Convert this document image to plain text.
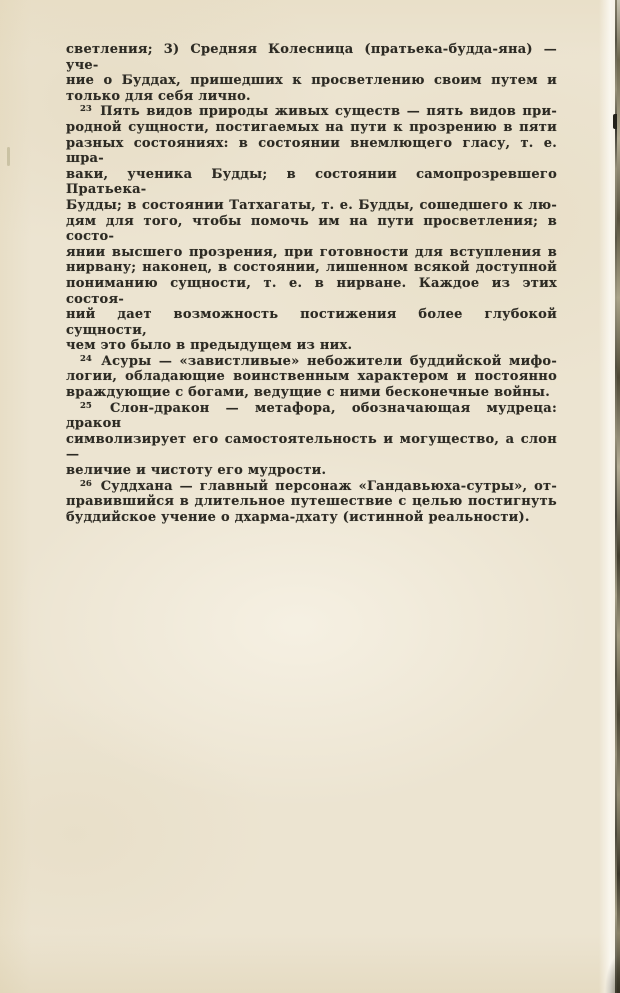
светления; 3) Средняя Колесница (пратьека-будда-яна) — уче-
ние о Буддах, пришедших к просветлению своим путем и
только для себя лично.
$^{23}$ Пять видов природы живых существ — пять видов при-
родной сущности, постигаемых на пути к прозрению в пяти
разных состояниях: в состоянии внемлющего гласу, т. е. шра-
ваки, ученика Будды; в состоянии самопрозревшего Пратьека-
Будды; в состоянии Татхагаты, т. е. Будды, сошедшего к лю-
дям для того, чтобы помочь им на пути просветления; в состо-
янии высшего прозрения, при готовности для вступления в
нирвану; наконец, в состоянии, лишенном всякой доступной
пониманию сущности, т. е. в нирване. Каждое из этих состоя-
ний дает возможность постижения более глубокой сущности,
чем это было в предыдущем из них.
$^{24}$ Асуры — «завистливые» небожители буддийской мифо-
логии, обладающие воинственным характером и постоянно
враждующие с богами, ведущие с ними бесконечные войны.
$^{25}$ Слон-дракон — метафора, обозначающая мудреца: дракон
символизирует его самостоятельность и могущество, а слон —
величие и чистоту его мудрости.
$^{26}$ Суддхана — главный персонаж «Гандавьюха-сутры», от-
правившийся в длительное путешествие с целью постигнуть
буддийское учение о дхарма-дхату (истинной реальности).
